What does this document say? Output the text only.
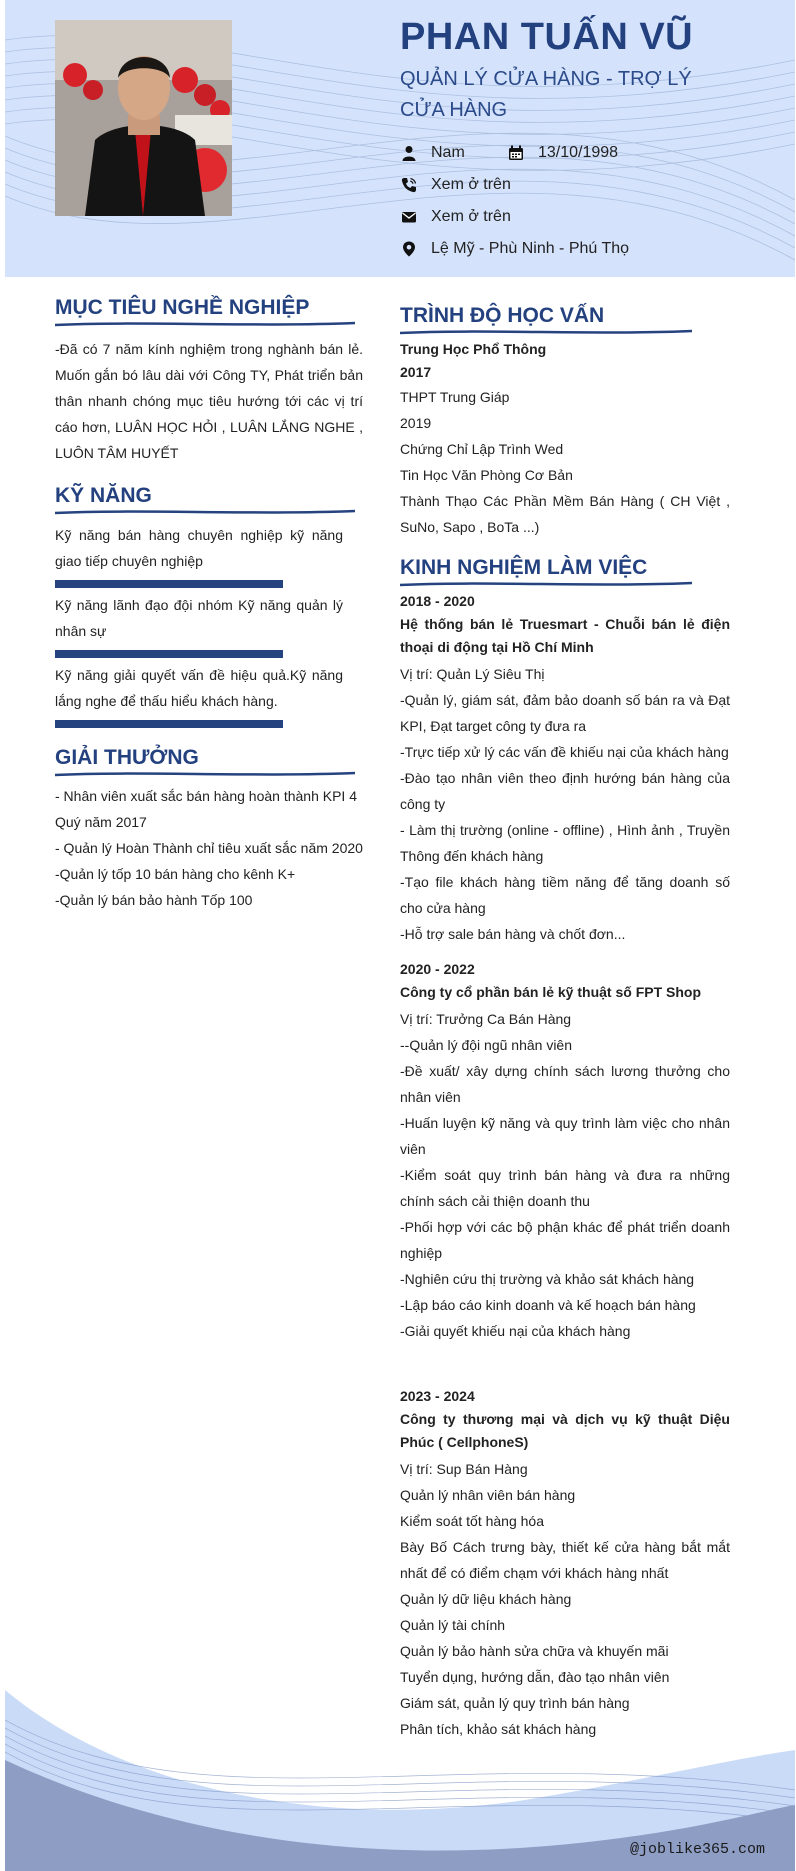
PHAN TUẤN VŨ
QUẢN LÝ CỬA HÀNG - TRỢ LÝ CỬA HÀNG
Nam	13/10/1998
Xem ở trên
Xem ở trên
Lệ Mỹ - Phù Ninh - Phú Thọ
MỤC TIÊU NGHỀ NGHIỆP

-Đã có 7 năm kính nghiệm trong nghành bán lẻ. Muốn gắn bó lâu dài với Công TY, Phát triển bản thân nhanh chóng mục tiêu hướng tới các vị trí cáo hơn, LUÂN HỌC HỎI , LUÂN LẮNG NGHE , LUÔN TÂM HUYẾT

KỸ NĂNG
Kỹ năng bán hàng chuyên nghiệp kỹ năng giao tiếp chuyên nghiệp
Kỹ năng lãnh đạo đội nhóm Kỹ năng quản lý nhân sự
Kỹ năng giải quyết vấn đề hiệu quả.Kỹ năng lắng nghe để thấu hiểu khách hàng.
GIẢI THƯỞNG

- Nhân viên xuất sắc bán hàng hoàn thành KPI 4 Quý năm 2017

- Quản lý Hoàn Thành chỉ tiêu xuất sắc năm 2020

-Quản lý tốp 10 bán hàng cho kênh K+

-Quản lý bán bảo hành Tốp 100

TRÌNH ĐỘ HỌC VẤN
Trung Học Phổ Thông
2017

THPT Trung Giáp

2019

Chứng Chỉ Lập Trình Wed

Tin Học Văn Phòng Cơ Bản

Thành Thạo Các Phần Mềm Bán Hàng ( CH Việt , SuNo, Sapo , BoTa ...)

KINH NGHIỆM LÀM VIỆC
2018 - 2020
Hệ thống bán lẻ Truesmart - Chuỗi bán lẻ điện thoại di động tại Hồ Chí Minh
Vị trí: Quản Lý Siêu Thị
-Quản lý, giám sát, đảm bảo doanh số bán ra và Đạt KPI, Đạt target công ty đưa ra
-Trực tiếp xử lý các vấn đề khiếu nại của khách hàng
-Đào tạo nhân viên theo định hướng bán hàng của công ty
- Làm thị trường (online - offline) , Hình ảnh , Truyền Thông đến khách hàng
-Tạo file khách hàng tiềm năng để tăng doanh số cho cửa hàng
-Hỗ trợ sale bán hàng và chốt đơn...
2020 - 2022
Công ty cổ phần bán lẻ kỹ thuật số FPT Shop
Vị trí: Trưởng Ca Bán Hàng
--Quản lý đội ngũ nhân viên
-Đề xuất/ xây dựng chính sách lương thưởng cho nhân viên
-Huấn luyện kỹ năng và quy trình làm việc cho nhân viên
-Kiểm soát quy trình bán hàng và đưa ra những chính sách cải thiện doanh thu
-Phối hợp với các bộ phận khác để phát triển doanh nghiệp
-Nghiên cứu thị trường và khảo sát khách hàng
-Lập báo cáo kinh doanh và kế hoạch bán hàng
-Giải quyết khiếu nại của khách hàng
2023 - 2024
Công ty thương mại và dịch vụ kỹ thuật Diệu Phúc ( CellphoneS)
Vị trí: Sup Bán Hàng
Quản lý nhân viên bán hàng
Kiểm soát tốt hàng hóa
Bày Bố Cách trưng bày, thiết kế cửa hàng bắt mắt nhất để có điểm chạm với khách hàng nhất
Quản lý dữ liệu khách hàng
Quản lý tài chính
Quản lý bảo hành sửa chữa và khuyến mãi
Tuyển dụng, hướng dẫn, đào tạo nhân viên
Giám sát, quản lý quy trình bán hàng
Phân tích, khảo sát khách hàng
@joblike365.com
